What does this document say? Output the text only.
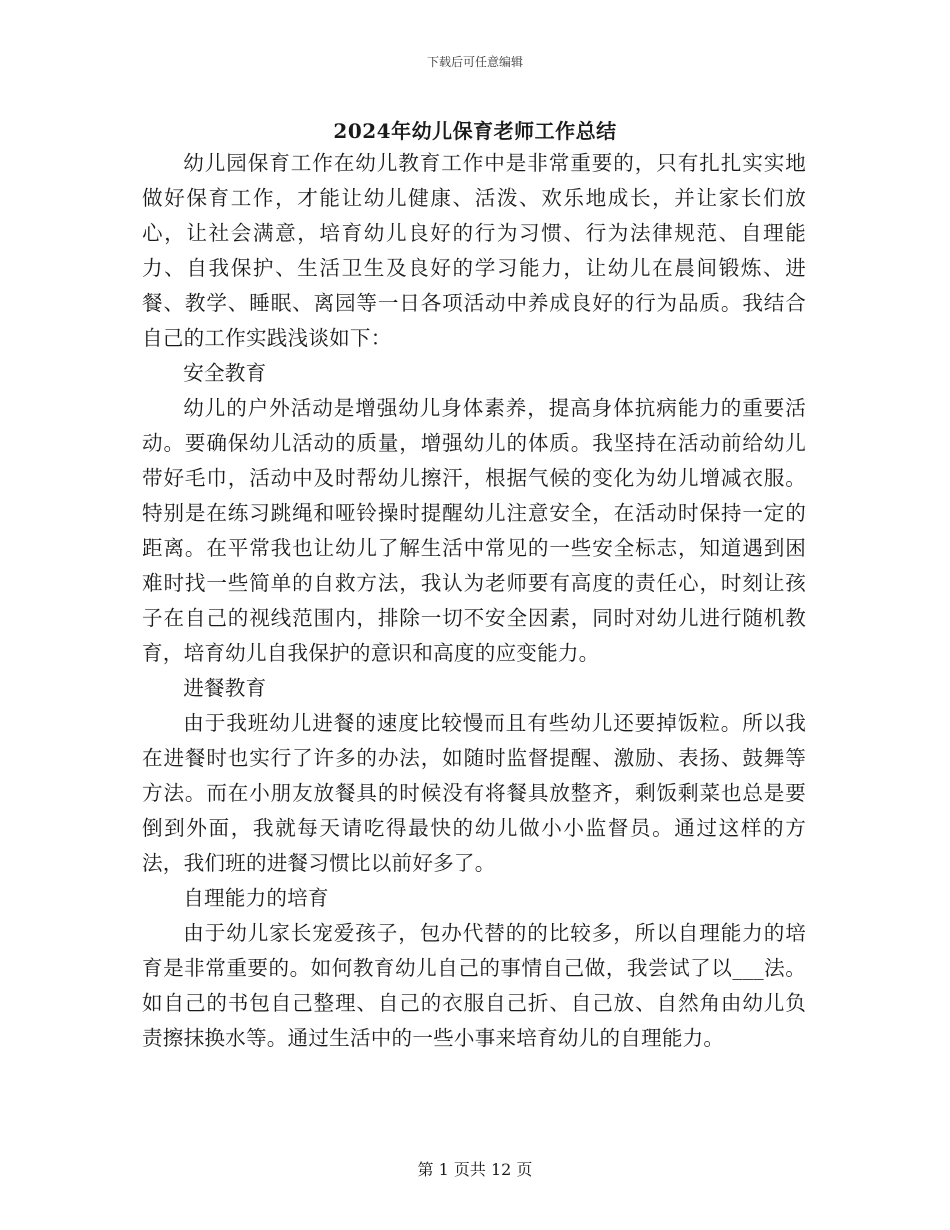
下载后可任意编辑
2024年幼儿保育老师工作总结

幼儿园保育工作在幼儿教育工作中是非常重要的，只有扎扎实实地做好保育工作，才能让幼儿健康、活泼、欢乐地成长，并让家长们放心，让社会满意，培育幼儿良好的行为习惯、行为法律规范、自理能力、自我保护、生活卫生及良好的学习能力，让幼儿在晨间锻炼、进餐、教学、睡眠、离园等一日各项活动中养成良好的行为品质。我结合自己的工作实践浅谈如下：

安全教育

幼儿的户外活动是增强幼儿身体素养，提高身体抗病能力的重要活动。要确保幼儿活动的质量，增强幼儿的体质。我坚持在活动前给幼儿带好毛巾，活动中及时帮幼儿擦汗，根据气候的变化为幼儿增减衣服。特别是在练习跳绳和哑铃操时提醒幼儿注意安全，在活动时保持一定的距离。在平常我也让幼儿了解生活中常见的一些安全标志，知道遇到困难时找一些简单的自救方法，我认为老师要有高度的责任心，时刻让孩子在自己的视线范围内，排除一切不安全因素，同时对幼儿进行随机教育，培育幼儿自我保护的意识和高度的应变能力。

进餐教育

由于我班幼儿进餐的速度比较慢而且有些幼儿还要掉饭粒。所以我在进餐时也实行了许多的办法，如随时监督提醒、激励、表扬、鼓舞等方法。而在小朋友放餐具的时候没有将餐具放整齐，剩饭剩菜也总是要倒到外面，我就每天请吃得最快的幼儿做小小监督员。通过这样的方法，我们班的进餐习惯比以前好多了。

自理能力的培育

由于幼儿家长宠爱孩子，包办代替的的比较多，所以自理能力的培育是非常重要的。如何教育幼儿自己的事情自己做，我尝试了以___法。如自己的书包自己整理、自己的衣服自己折、自己放、自然角由幼儿负责擦抹换水等。通过生活中的一些小事来培育幼儿的自理能力。

第 1 页共 12 页
